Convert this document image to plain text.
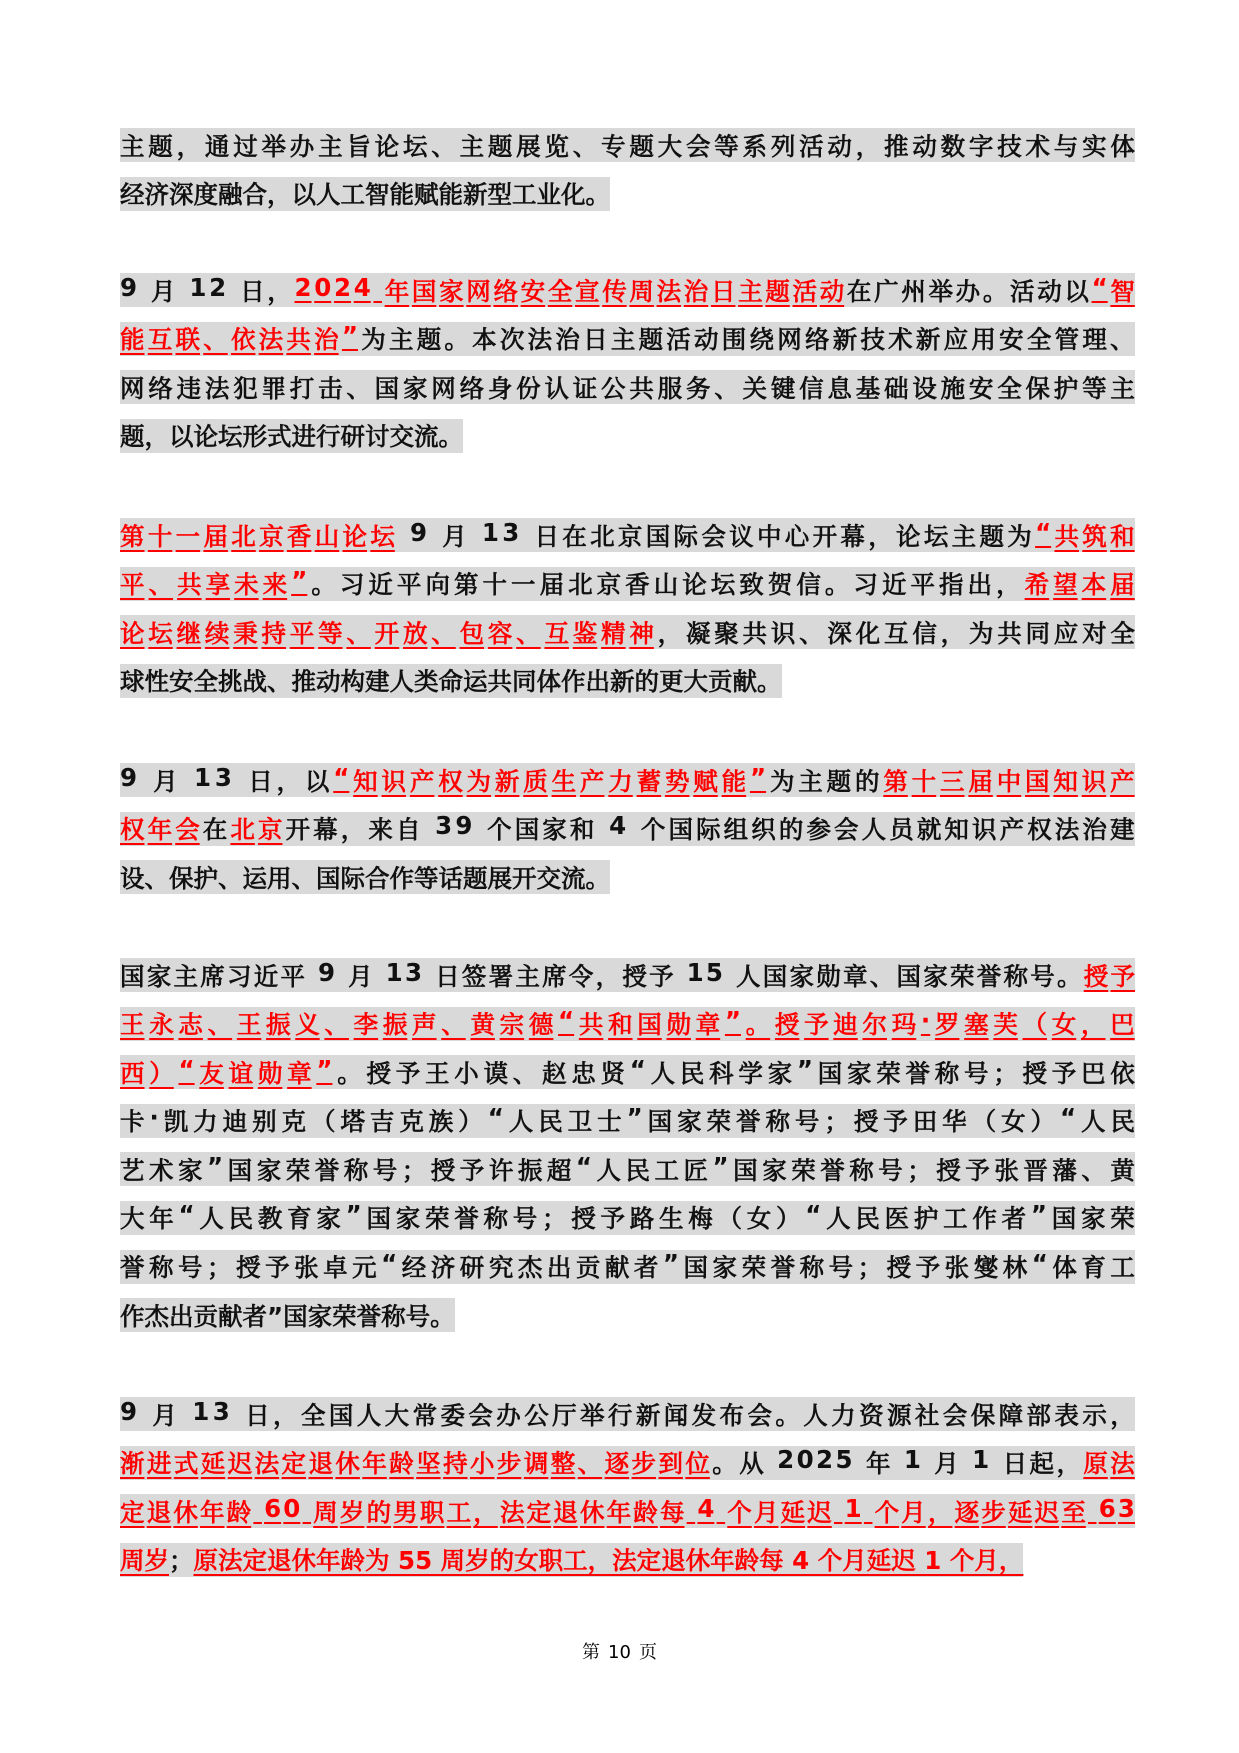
主 题 ， 通 过 举 办 主 旨 论 坛 、 主 题 展 览 、 专 题 大 会 等 系 列 活 动 ， 推 动 数 字 技 术 与 实 体
经济深度融合，以人工智能赋能新型工业化。
9
月
1 2
日 ， 2 0 2 4
年 国 家 网 络 安 全 宣 传 周 法 治 日 主 题 活 动 在 广 州 举 办 。 活 动 以 “ 智
能 互 联 、 依 法 共 治 ” 为 主 题 。 本 次 法 治 日 主 题 活 动 围 绕 网 络 新 技 术 新 应 用 安 全 管 理 、
网 络 违 法 犯 罪 打 击 、 国 家 网 络 身 份 认 证 公 共 服 务 、 关 键 信 息 基 础 设 施 安 全 保 护 等 主
题，以论坛形式进行研讨交流。
第 十 一 届 北 京 香 山 论 坛
9
月
1 3
日 在 北 京 国 际 会 议 中 心 开 幕 ， 论 坛 主 题 为 “ 共 筑 和
平 、 共 享 未 来 ” 。 习 近 平 向 第 十 一 届 北 京 香 山 论 坛 致 贺 信 。 习 近 平 指 出 ， 希 望 本 届
论 坛 继 续 秉 持 平 等 、 开 放 、 包 容 、 互 鉴 精 神 ， 凝 聚 共 识 、 深 化 互 信 ， 为 共 同 应 对 全
球性安全挑战、推动构建人类命运共同体作出新的更大贡献。
9
月
1 3
日 ， 以 “ 知 识 产 权 为 新 质 生 产 力 蓄 势 赋 能 ” 为 主 题 的 第 十 三 届 中 国 知 识 产
权 年 会 在 北 京 开 幕 ， 来 自
3 9
个 国 家 和
4
个 国 际 组 织 的 参 会 人 员 就 知 识 产 权 法 治 建
设、保护、运用、国际合作等话题展开交流。
国 家 主 席 习 近 平
9
月
1 3
日 签 署 主 席 令 ， 授 予
1 5
人 国 家 勋 章 、 国 家 荣 誉 称 号 。 授 予
王 永 志 、 王 振 义 、 李 振 声 、 黄 宗 德 “ 共 和 国 勋 章 ” 。 授 予 迪 尔 玛 · 罗 塞 芙 （ 女 ， 巴
西 ） “ 友 谊 勋 章 ” 。 授 予 王 小 谟 、 赵 忠 贤 “ 人 民 科 学 家 ” 国 家 荣 誉 称 号 ； 授 予 巴 依
卡 · 凯 力 迪 别 克 （ 塔 吉 克 族 ） “ 人 民 卫 士 ” 国 家 荣 誉 称 号 ； 授 予 田 华 （ 女 ） “ 人 民
艺 术 家 ” 国 家 荣 誉 称 号 ； 授 予 许 振 超 “ 人 民 工 匠 ” 国 家 荣 誉 称 号 ； 授 予 张 晋 藩 、 黄
大 年 “ 人 民 教 育 家 ” 国 家 荣 誉 称 号 ； 授 予 路 生 梅 （ 女 ） “ 人 民 医 护 工 作 者 ” 国 家 荣
誉 称 号 ； 授 予 张 卓 元 “ 经 济 研 究 杰 出 贡 献 者 ” 国 家 荣 誉 称 号 ； 授 予 张 燮 林 “ 体 育 工
作杰出贡献者”国家荣誉称号。
9
月
1 3
日 ， 全 国 人 大 常 委 会 办 公 厅 举 行 新 闻 发 布 会 。 人 力 资 源 社 会 保 障 部 表 示 ，
渐 进 式 延 迟 法 定 退 休 年 龄 坚 持 小 步 调 整 、 逐 步 到 位 。 从
2 0 2 5
年
1
月
1
日 起 ， 原 法
定 退 休 年 龄
6 0
周 岁 的 男 职 工 ， 法 定 退 休 年 龄 每
4
个 月 延 迟
1
个 月 ， 逐 步 延 迟 至
6 3
周岁；原法定退休年龄为 55 周岁的女职工，法定退休年龄每 4 个月延迟 1 个月，
第 10 页
